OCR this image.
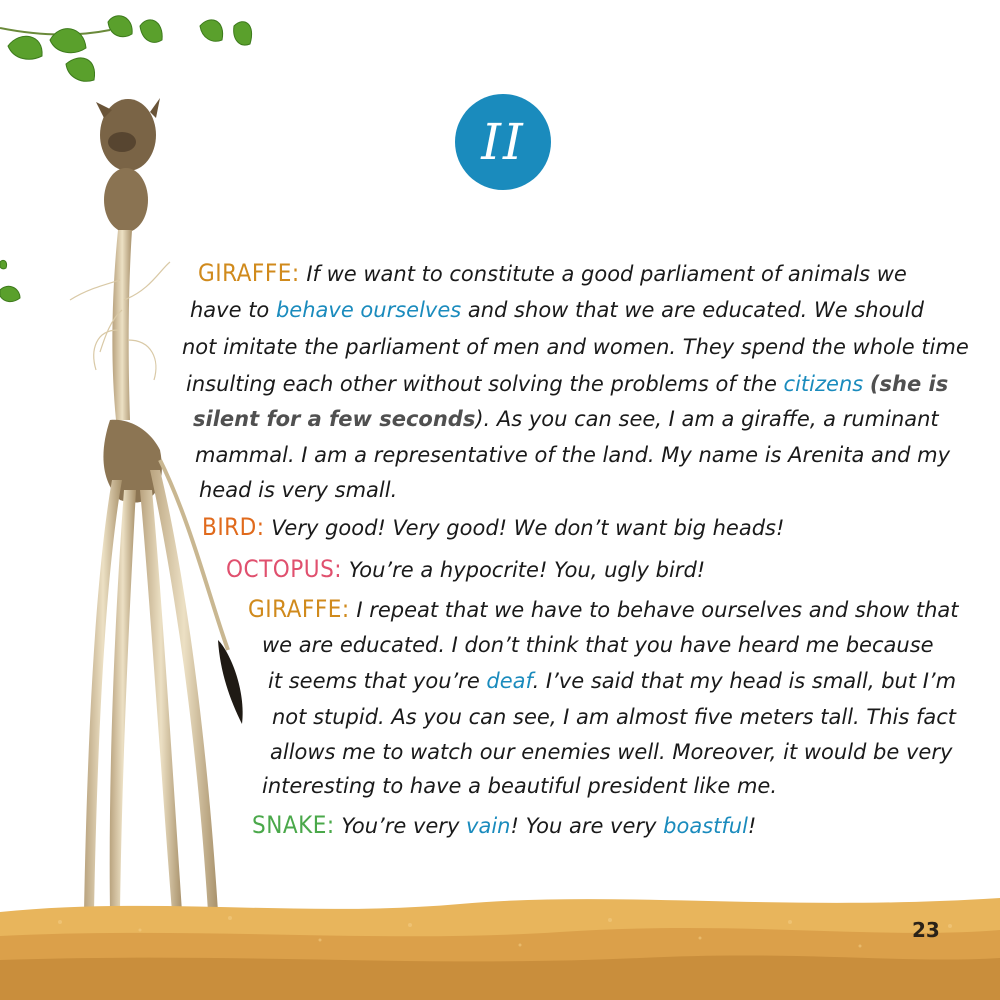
II
GIRAFFE: If we want to constitute a good parliament of animals we
have to behave ourselves and show that we are educated. We should
not imitate the parliament of men and women. They spend the whole time
insulting each other without solving the problems of the citizens (she is
silent for a few seconds). As you can see, I am a giraffe, a ruminant
mammal. I am a representative of the land. My name is Arenita and my
head is very small.
BIRD: Very good! Very good! We don’t want big heads!
OCTOPUS: You’re a hypocrite! You, ugly bird!
GIRAFFE: I repeat that we have to behave ourselves and show that
we are educated. I don’t think that you have heard me because
it seems that you’re deaf. I’ve said that my head is small, but I’m
not stupid. As you can see, I am almost five meters tall. This fact
allows me to watch our enemies well. Moreover, it would be very
interesting to have a beautiful president like me.
SNAKE: You’re very vain! You are very boastful!
23
